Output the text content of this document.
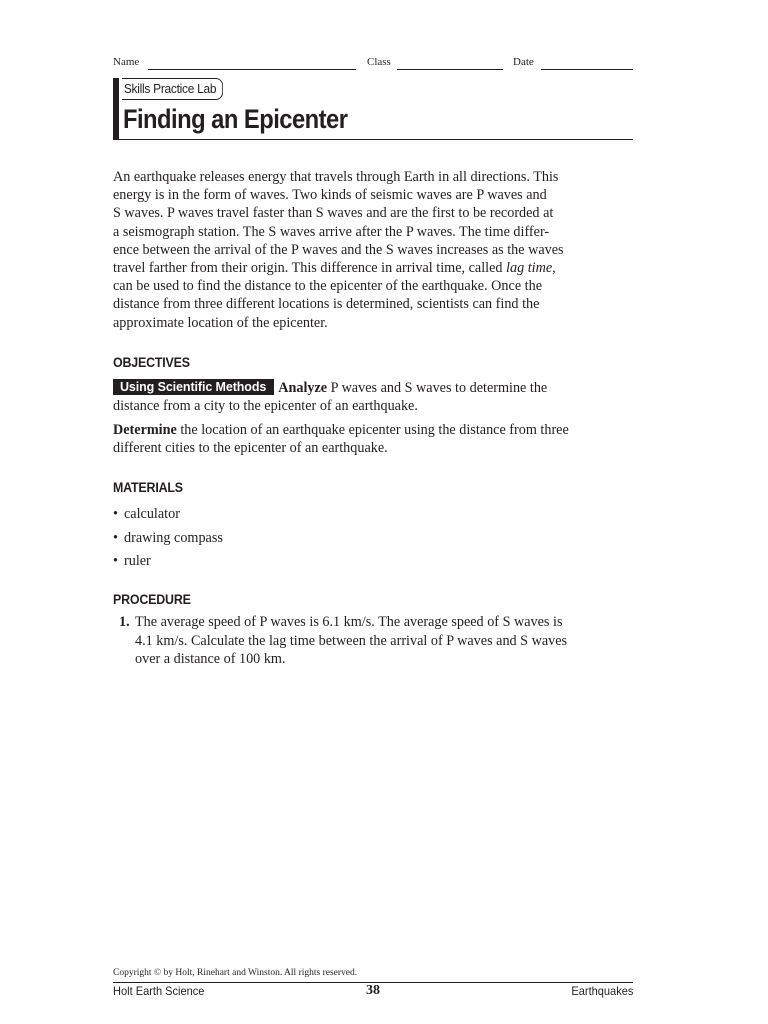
Name	Class	Date
Skills Practice Lab
Finding an Epicenter

An earthquake releases energy that travels through Earth in all directions. This
energy is in the form of waves. Two kinds of seismic waves are P waves and
S waves. P waves travel faster than S waves and are the first to be recorded at
a seismograph station. The S waves arrive after the P waves. The time differ-
ence between the arrival of the P waves and the S waves increases as the waves
travel farther from their origin. This difference in arrival time, called lag time,
can be used to find the distance to the epicenter of the earthquake. Once the
distance from three different locations is determined, scientists can find the
approximate location of the epicenter.

OBJECTIVES

Using Scientific Methods Analyze P waves and S waves to determine the
distance from a city to the epicenter of an earthquake.

Determine the location of an earthquake epicenter using the distance from three
different cities to the epicenter of an earthquake.

MATERIALS
• calculator
• drawing compass
• ruler
PROCEDURE
1. The average speed of P waves is 6.1 km/s. The average speed of S waves is
4.1 km/s. Calculate the lag time between the arrival of P waves and S waves
over a distance of 100 km.
Copyright © by Holt, Rinehart and Winston. All rights reserved.
Holt Earth Science	38	Earthquakes
